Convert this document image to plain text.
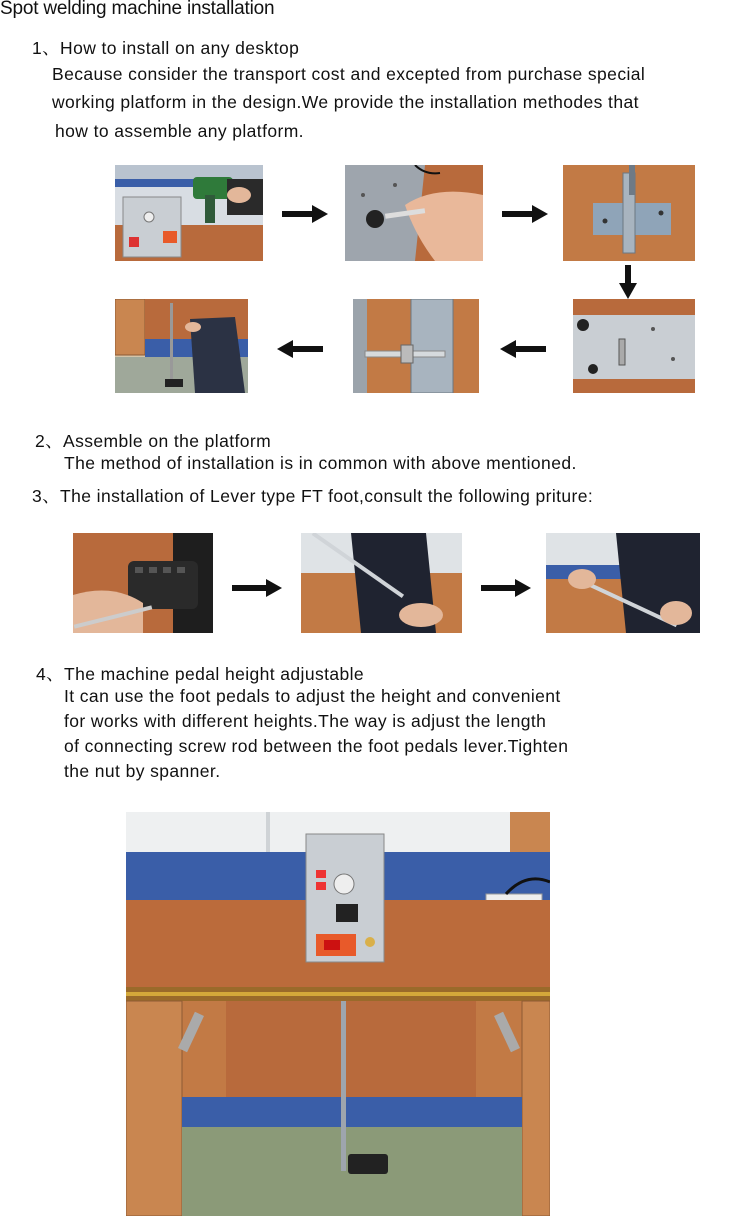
Spot welding machine installation
1、How to install on any desktop
Because consider the transport cost and excepted from purchase special
working platform in the design.We provide the installation methodes that
how to assemble any platform.
2、Assemble on the platform
The method of installation is in common with above mentioned.
3、The installation of Lever type FT foot,consult the following priture:
4、The machine pedal height adjustable
It can use the foot pedals to adjust the height and convenient
for works with different heights.The way is adjust the length
of connecting screw rod between the foot pedals lever.Tighten
the nut by spanner.
